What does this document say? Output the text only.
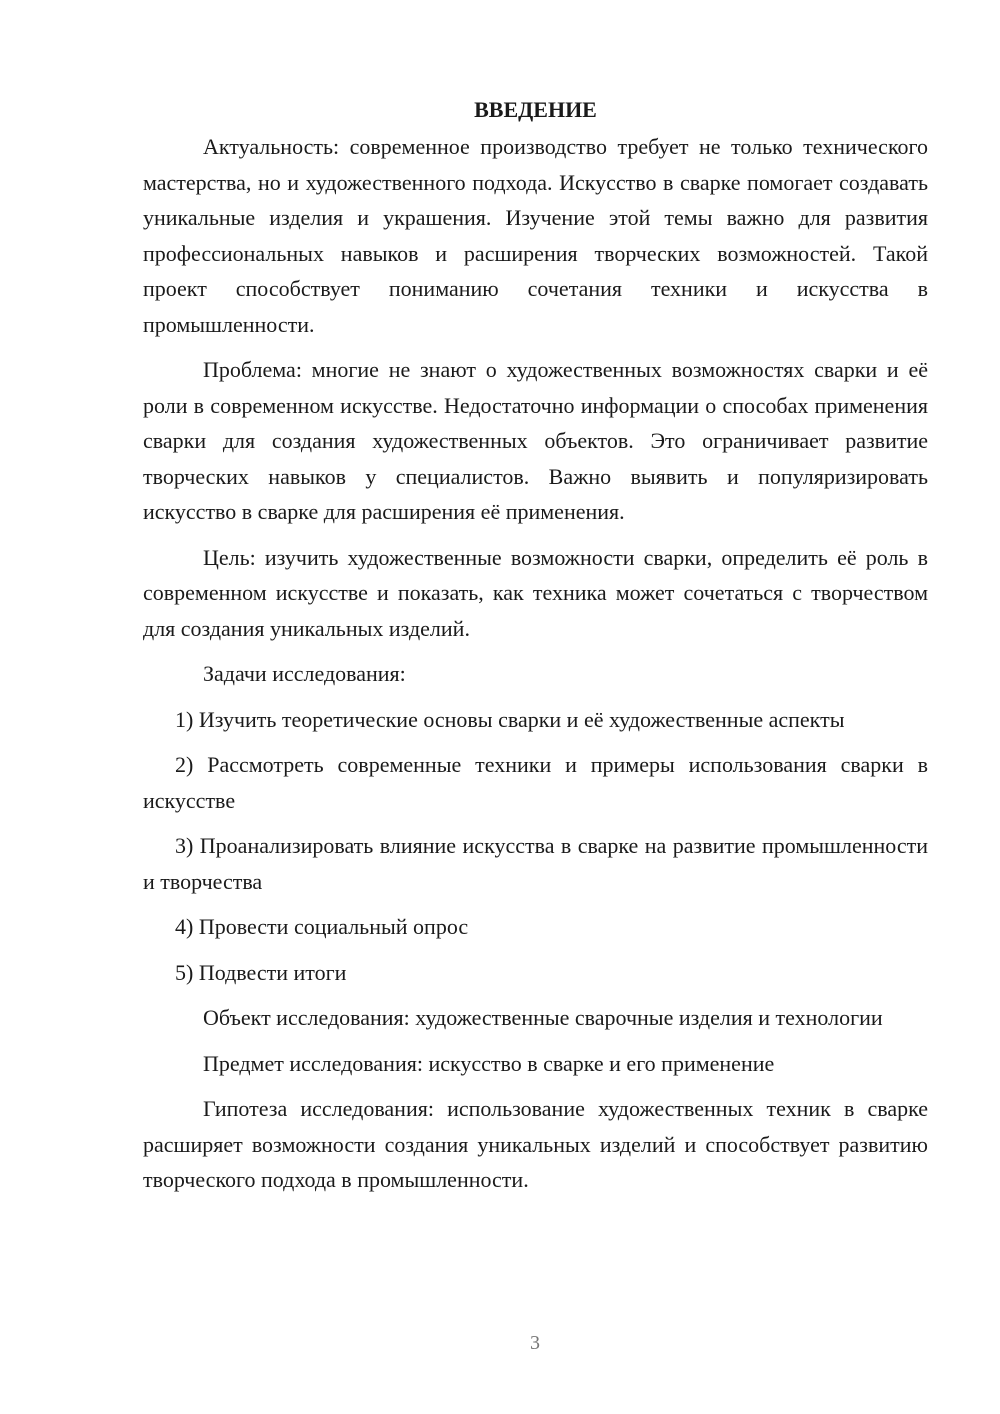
ВВЕДЕНИЕ

Актуальность: современное производство требует не только технического мастерства, но и художественного подхода. Искусство в сварке помогает создавать уникальные изделия и украшения. Изучение этой темы важно для развития профессиональных навыков и расширения творческих возможностей. Такой проект способствует пониманию сочетания техники и искусства в промышленности.

Проблема: многие не знают о художественных возможностях сварки и её роли в современном искусстве. Недостаточно информации о способах применения сварки для создания художественных объектов. Это ограничивает развитие творческих навыков у специалистов. Важно выявить и популяризировать искусство в сварке для расширения её применения.

Цель: изучить художественные возможности сварки, определить её роль в современном искусстве и показать, как техника может сочетаться с творчеством для создания уникальных изделий.

Задачи исследования:

1) Изучить теоретические основы сварки и её художественные аспекты

2) Рассмотреть современные техники и примеры использования сварки в искусстве

3) Проанализировать влияние искусства в сварке на развитие промышленности и творчества

4) Провести социальный опрос

5) Подвести итоги

Объект исследования: художественные сварочные изделия и технологии

Предмет исследования: искусство в сварке и его применение

Гипотеза исследования: использование художественных техник в сварке расширяет возможности создания уникальных изделий и способствует развитию творческого подхода в промышленности.

3
